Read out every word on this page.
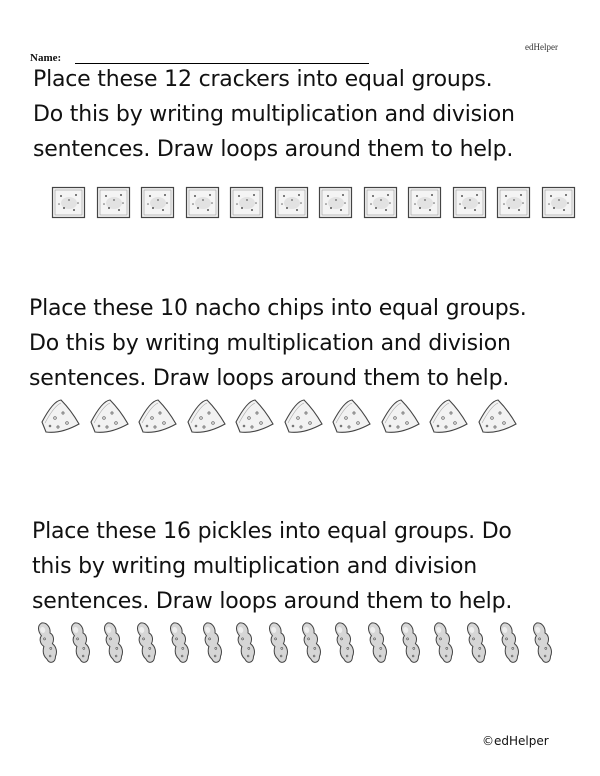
Name:
edHelper
Place these 12 crackers into equal groups.
Do this by writing multiplication and division
sentences. Draw loops around them to help.
Place these 10 nacho chips into equal groups.
Do this by writing multiplication and division
sentences. Draw loops around them to help.
Place these 16 pickles into equal groups. Do
this by writing multiplication and division
sentences. Draw loops around them to help.
©edHelper
